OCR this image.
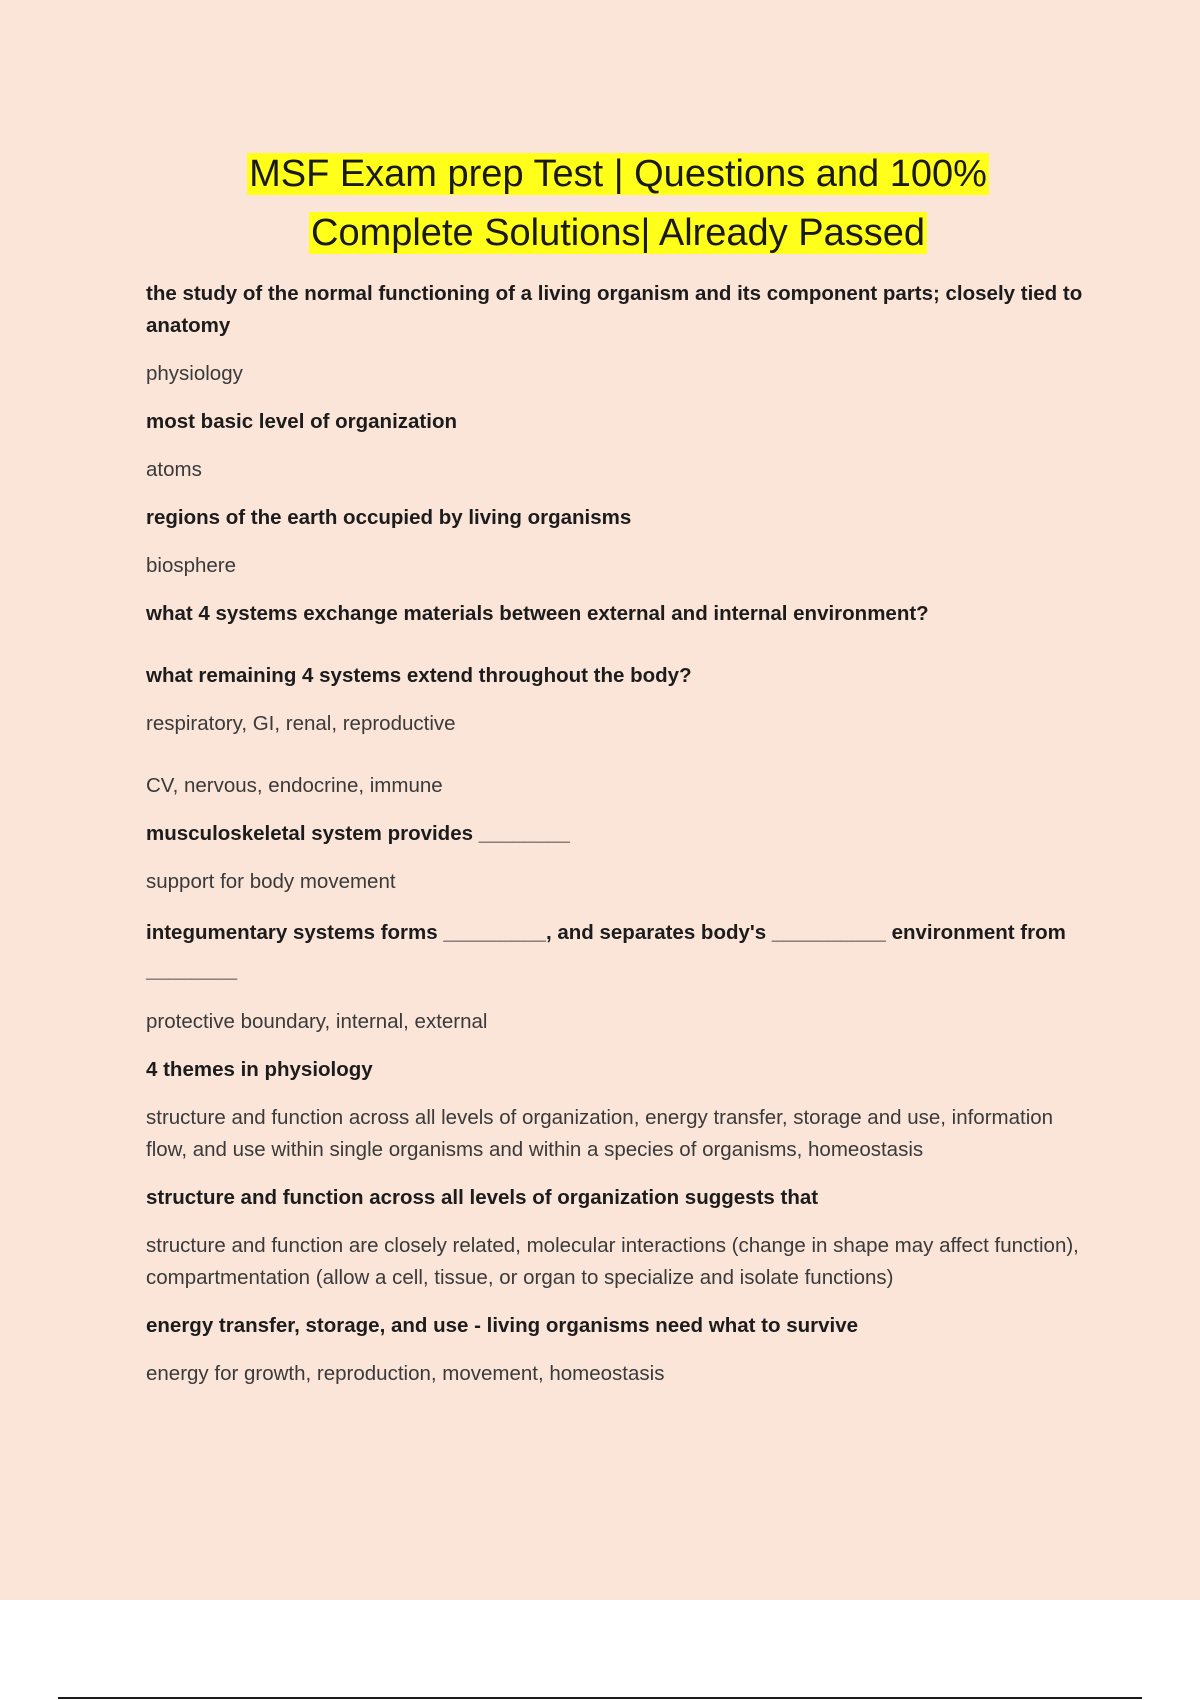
MSF Exam prep Test | Questions and 100%
Complete Solutions| Already Passed

the study of the normal functioning of a living organism and its component parts; closely tied to anatomy

physiology

most basic level of organization

atoms

regions of the earth occupied by living organisms

biosphere

what 4 systems exchange materials between external and internal environment?

what remaining 4 systems extend throughout the body?

respiratory, GI, renal, reproductive

CV, nervous, endocrine, immune

musculoskeletal system provides ________

support for body movement

integumentary systems forms _________, and separates body's __________ environment from ________

protective boundary, internal, external

4 themes in physiology

structure and function across all levels of organization, energy transfer, storage and use, information flow, and use within single organisms and within a species of organisms, homeostasis

structure and function across all levels of organization suggests that

structure and function are closely related, molecular interactions (change in shape may affect function), compartmentation (allow a cell, tissue, or organ to specialize and isolate functions)

energy transfer, storage, and use - living organisms need what to survive

energy for growth, reproduction, movement, homeostasis
